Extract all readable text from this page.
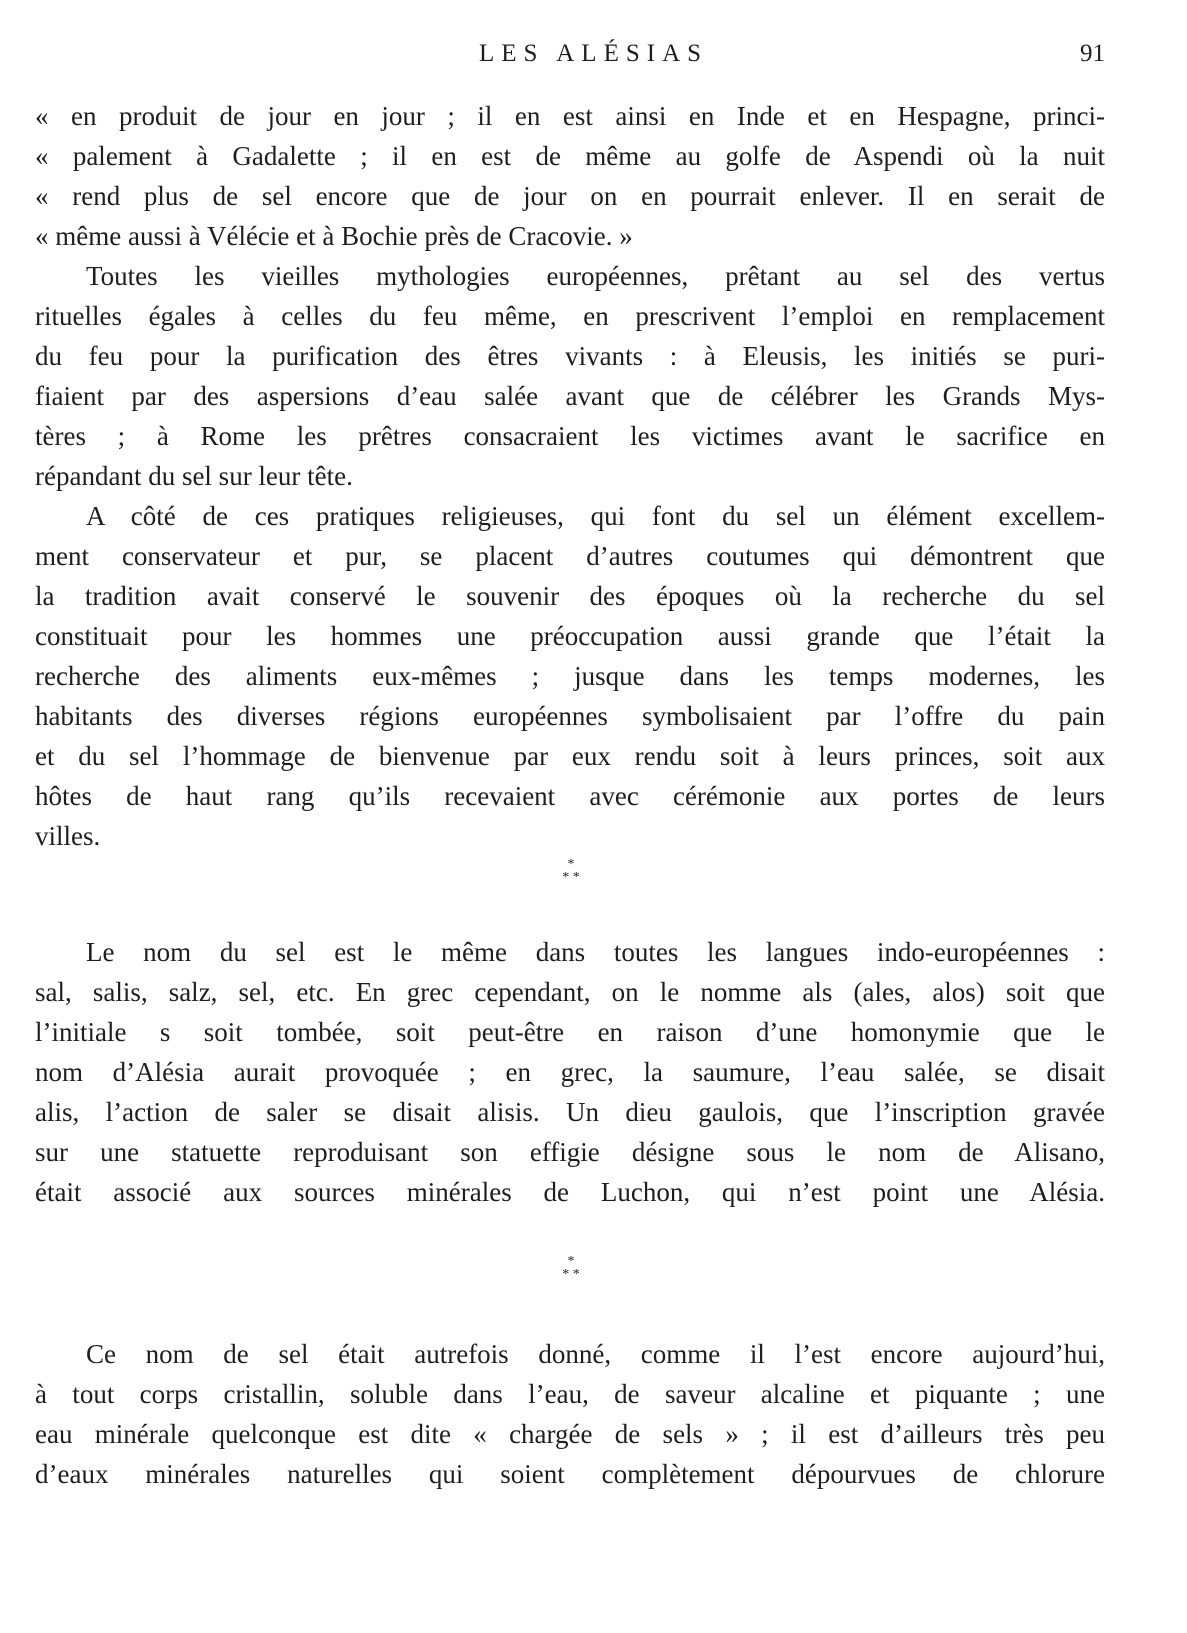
LES ALÉSIAS	91
« en produit de jour en jour ; il en est ainsi en Inde et en Hespagne, princi-
« palement à Gadalette ; il en est de même au golfe de Aspendi où la nuit
« rend plus de sel encore que de jour on en pourrait enlever. Il en serait de
« même aussi à Vélécie et à Bochie près de Cracovie. »
Toutes les vieilles mythologies européennes, prêtant au sel des vertus
rituelles égales à celles du feu même, en prescrivent l’emploi en remplacement
du feu pour la purification des êtres vivants : à Eleusis, les initiés se puri-
fiaient par des aspersions d’eau salée avant que de célébrer les Grands Mys-
tères ; à Rome les prêtres consacraient les victimes avant le sacrifice en
répandant du sel sur leur tête.
A côté de ces pratiques religieuses, qui font du sel un élément excellem-
ment conservateur et pur, se placent d’autres coutumes qui démontrent que
la tradition avait conservé le souvenir des époques où la recherche du sel
constituait pour les hommes une préoccupation aussi grande que l’était la
recherche des aliments eux-mêmes ; jusque dans les temps modernes, les
habitants des diverses régions européennes symbolisaient par l’offre du pain
et du sel l’hommage de bienvenue par eux rendu soit à leurs princes, soit aux
hôtes de haut rang qu’ils recevaient avec cérémonie aux portes de leurs
villes.
*
* *
Le nom du sel est le même dans toutes les langues indo-européennes :
sal, salis, salz, sel, etc. En grec cependant, on le nomme als (ales, alos) soit que
l’initiale s soit tombée, soit peut-être en raison d’une homonymie que le
nom d’Alésia aurait provoquée ; en grec, la saumure, l’eau salée, se disait
alis, l’action de saler se disait alisis. Un dieu gaulois, que l’inscription gravée
sur une statuette reproduisant son effigie désigne sous le nom de Alisano,
était associé aux sources minérales de Luchon, qui n’est point une Alésia.
*
* *
Ce nom de sel était autrefois donné, comme il l’est encore aujourd’hui,
à tout corps cristallin, soluble dans l’eau, de saveur alcaline et piquante ; une
eau minérale quelconque est dite « chargée de sels » ; il est d’ailleurs très peu
d’eaux minérales naturelles qui soient complètement dépourvues de chlorure
